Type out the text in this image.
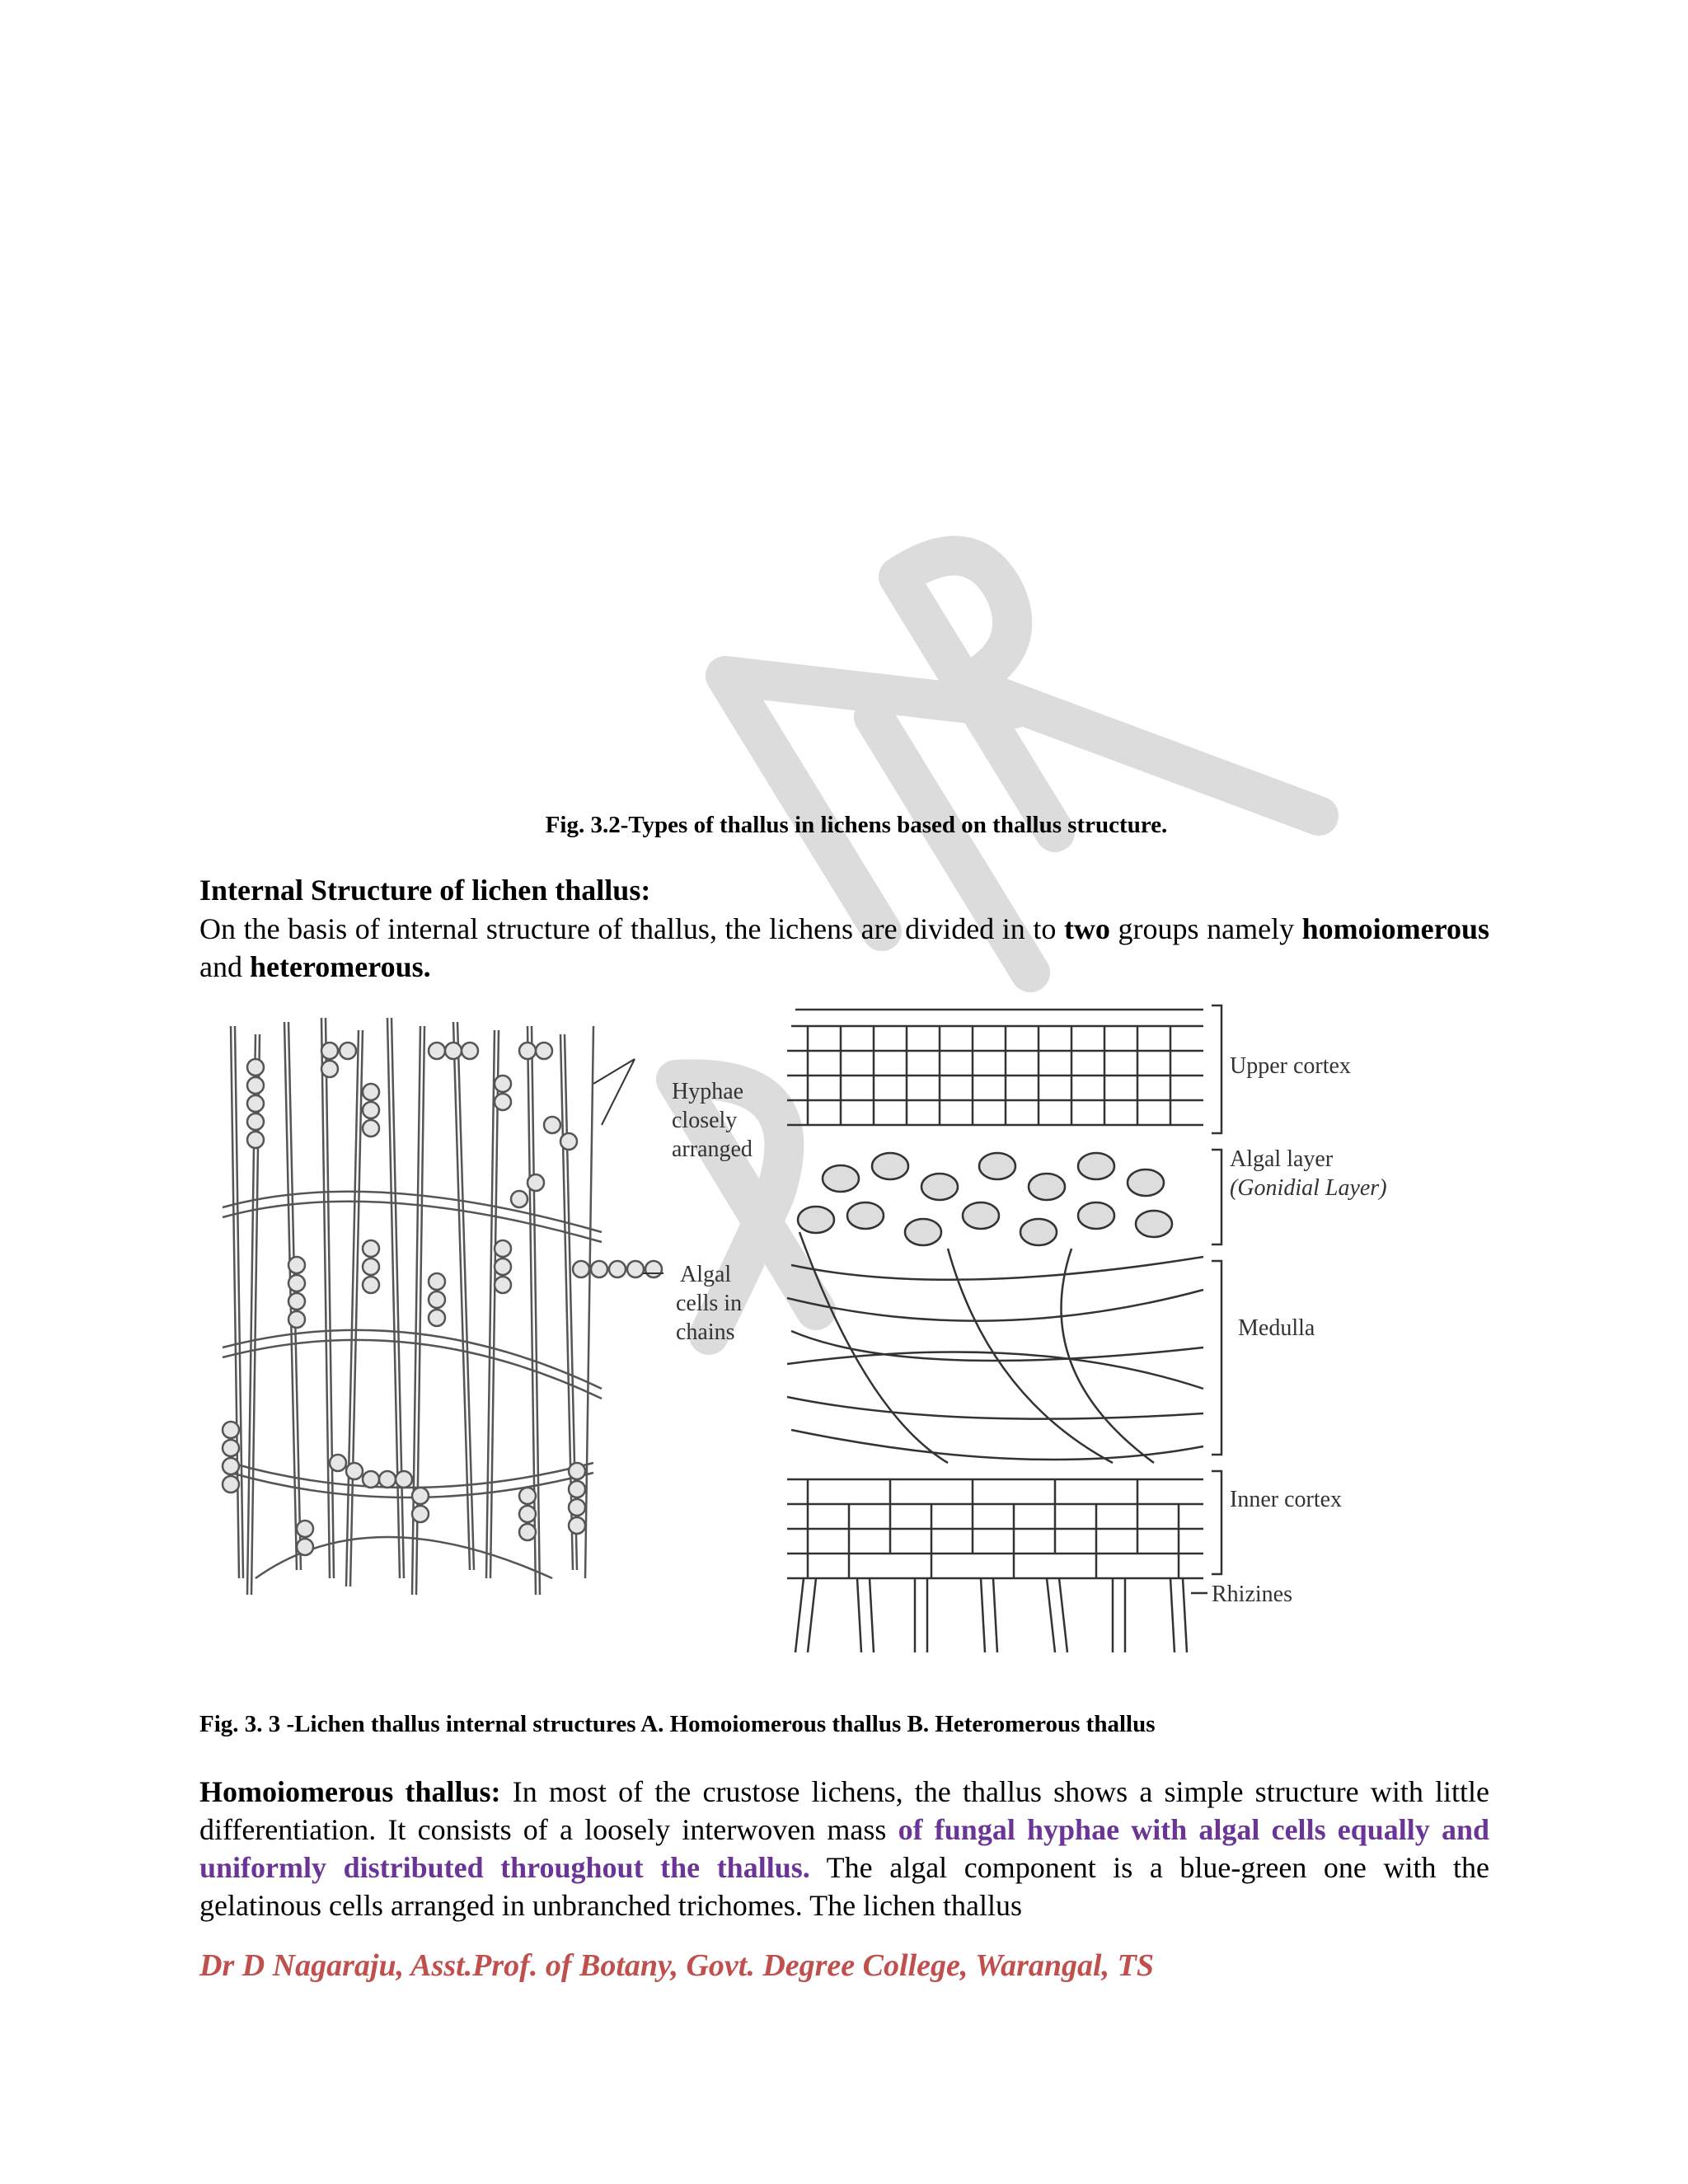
Fig. 3.2-Types of thallus in lichens based on thallus structure.
Internal Structure of lichen thallus:

On the basis of internal structure of thallus, the lichens are divided in to two groups namely homoiomerous and heteromerous.

Hyphae
closely
arranged
Algal
cells in
chains
Upper cortex
Algal layer
(Gonidial Layer)
Medulla
Inner cortex
Rhizines
Fig. 3. 3 -Lichen thallus internal structures A. Homoiomerous thallus B. Heteromerous thallus

Homoiomerous thallus: In most of the crustose lichens, the thallus shows a simple structure with little differentiation. It consists of a loosely interwoven mass of fungal hyphae with algal cells equally and uniformly distributed throughout the thallus. The algal component is a blue-green one with the gelatinous cells arranged in unbranched trichomes. The lichen thallus

Dr D Nagaraju, Asst.Prof. of Botany, Govt. Degree College, Warangal, TS
